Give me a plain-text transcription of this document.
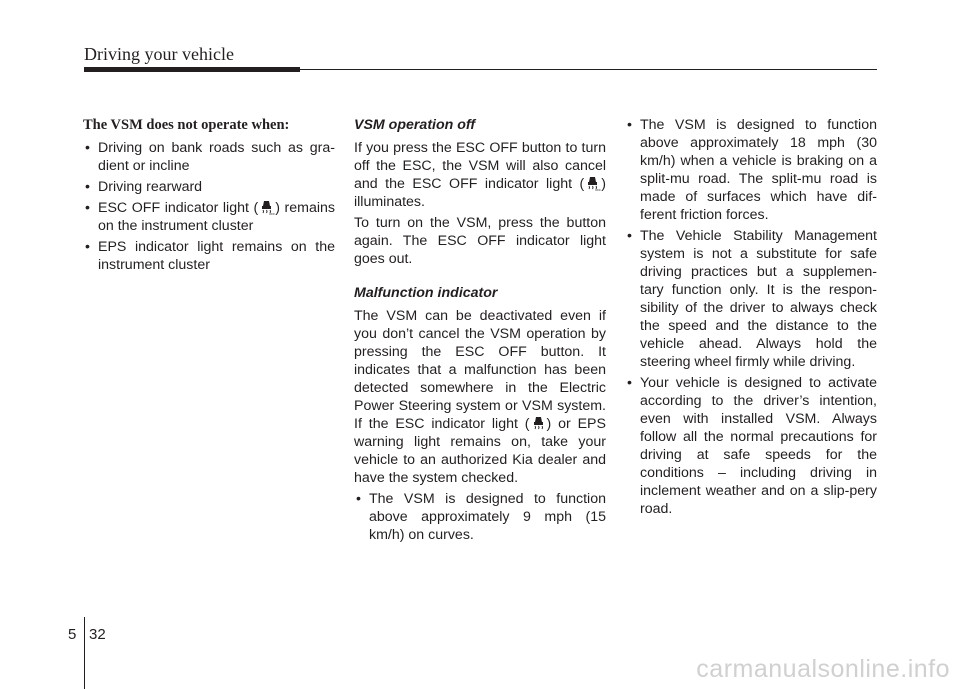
Driving your vehicle

The VSM does not operate when:

• Driving on bank roads such as gra-dient or incline
• Driving rearward
• ESC OFF indicator light (	OFF ) remains on the instrument cluster
• EPS indicator light remains on the instrument cluster

VSM operation off

If you press the ESC OFF button to turn off the ESC, the VSM will also cancel and the ESC OFF indicator light (	OFF ) illuminates.

To turn on the VSM, press the button again. The ESC OFF indicator light goes out.

Malfunction indicator

The VSM can be deactivated even if you don’t cancel the VSM operation by pressing the ESC OFF button. It indicates that a malfunction has been detected somewhere in the Electric Power Steering system or VSM system. If the ESC indicator light ( ) or EPS warning light remains on, take your vehicle to an authorized Kia dealer and have the system checked.

• The VSM is designed to function above approximately 9 mph (15 km/h) on curves.
• The VSM is designed to function above approximately 18 mph (30 km/h) when a vehicle is braking on a split-mu road. The split-mu road is made of surfaces which have dif-ferent friction forces.
• The Vehicle Stability Management system is not a substitute for safe driving practices but a supplemen-tary function only. It is the respon-sibility of the driver to always check the speed and the distance to the vehicle ahead. Always hold the steering wheel firmly while driving.
• Your vehicle is designed to activate according to the driver’s intention, even with installed VSM. Always follow all the normal precautions for driving at safe speeds for the conditions – including driving in inclement weather and on a slip-pery road.

5 32

carmanualsonline.info
